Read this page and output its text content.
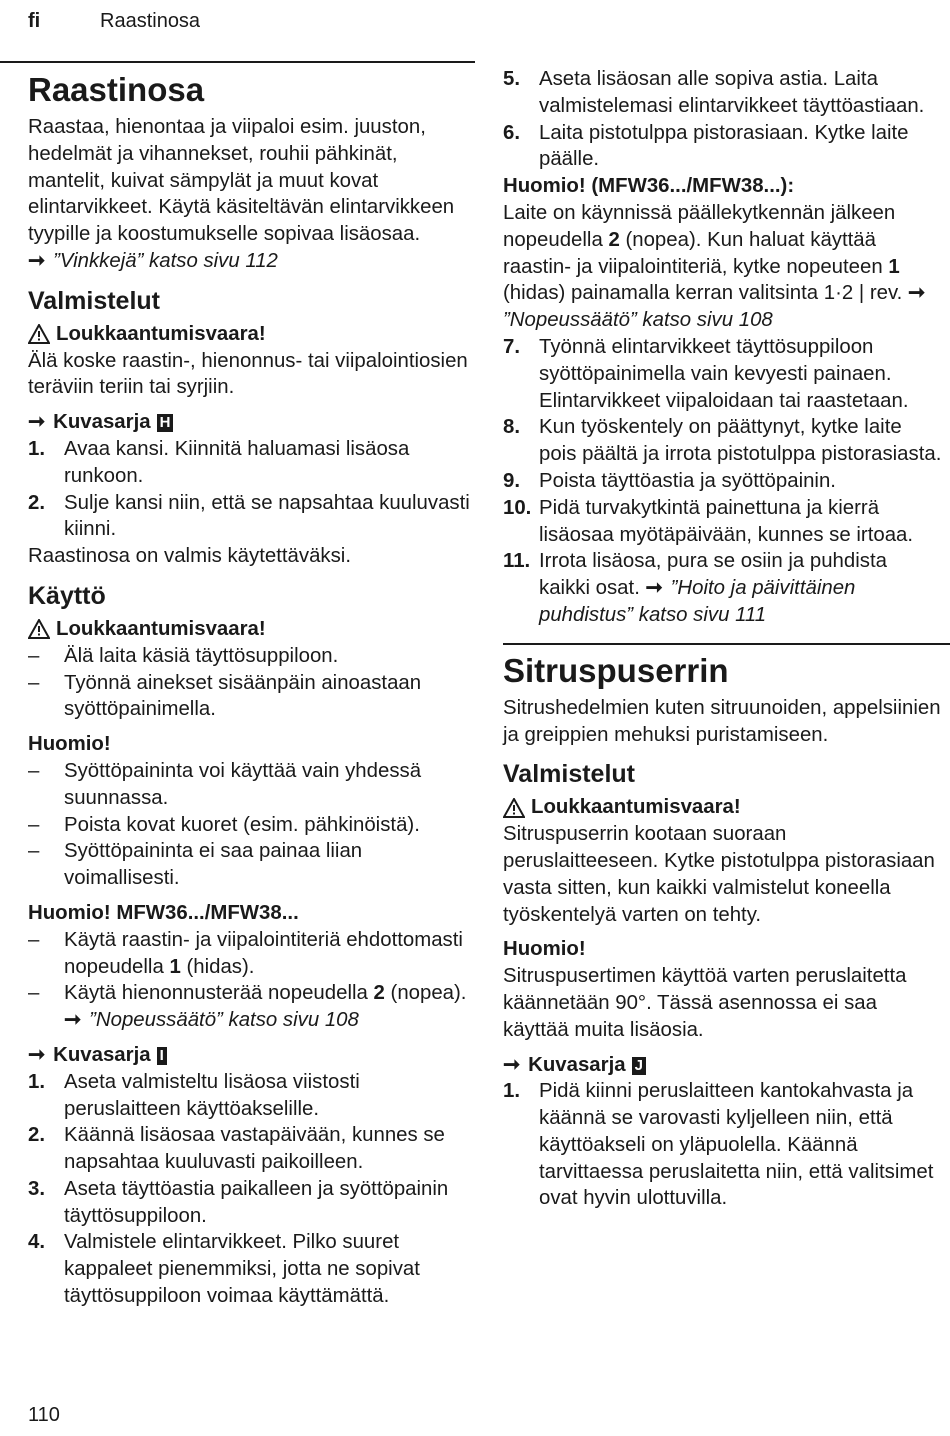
fi	Raastinosa
Raastinosa

Raastaa, hienontaa ja viipaloi esim. juuston, hedelmät ja vihannekset, rouhii pähkinät, mantelit, kuivat sämpylät ja muut kovat elintarvikkeet. Käytä käsiteltävän elintarvikkeen tyypille ja koostumukselle sopivaa lisäosaa.
➞ ”Vinkkejä” katso sivu 112

Valmistelut
Loukkaantumisvaara!

Älä koske raastin-, hienonnus- tai viipalointiosien teräviin teriin tai syrjiin.

➞ Kuvasarja H
1. Avaa kansi. Kiinnitä haluamasi lisäosa runkoon.
2. Sulje kansi niin, että se napsahtaa kuuluvasti kiinni.

Raastinosa on valmis käytettäväksi.

Käyttö
Loukkaantumisvaara!
–	Älä laita käsiä täyttösuppiloon.
–	Työnnä ainekset sisäänpäin ainoastaan syöttöpainimella.
Huomio!
–	Syöttöpaininta voi käyttää vain yhdessä suunnassa.
–	Poista kovat kuoret (esim. pähkinöistä).
–	Syöttöpaininta ei saa painaa liian voimallisesti.
Huomio! MFW36.../MFW38...
–	Käytä raastin- ja viipalointiteriä ehdottomasti nopeudella 1 (hidas).
–	Käytä hienonnusterää nopeudella 2 (nopea).
➞ ”Nopeussäätö” katso sivu 108
➞ Kuvasarja I
1. Aseta valmisteltu lisäosa viistosti peruslaitteen käyttöakselille.
2. Käännä lisäosaa vastapäivään, kunnes se napsahtaa kuuluvasti paikoilleen.
3. Aseta täyttöastia paikalleen ja syöttöpainin täyttösuppiloon.
4. Valmistele elintarvikkeet. Pilko suuret kappaleet pienemmiksi, jotta ne sopivat täyttösuppiloon voimaa käyttämättä.
5. Aseta lisäosan alle sopiva astia. Laita valmistelemasi elintarvikkeet täyttöastiaan.
6. Laita pistotulppa pistorasiaan. Kytke laite päälle.
Huomio! (MFW36.../MFW38...):

Laite on käynnissä päällekytkennän jälkeen nopeudella 2 (nopea). Kun haluat käyttää raastin- ja viipalointiteriä, kytke nopeuteen 1 (hidas) painamalla kerran valitsinta 1·2 | rev. ➞”Nopeussäätö” katso sivu 108

7. Työnnä elintarvikkeet täyttösuppiloon syöttöpainimella vain kevyesti painaen. Elintarvikkeet viipaloidaan tai raastetaan.
8. Kun työskentely on päättynyt, kytke laite pois päältä ja irrota pistotulppa pistorasiasta.
9. Poista täyttöastia ja syöttöpainin.
10. Pidä turvakytkintä painettuna ja kierrä lisäosaa myötäpäivään, kunnes se irtoaa.
11. Irrota lisäosa, pura se osiin ja puhdista kaikki osat. ➞ ”Hoito ja päivittäinen puhdistus” katso sivu 111
Sitruspuserrin

Sitrushedelmien kuten sitruunoiden, appelsiinien ja greippien mehuksi puristamiseen.

Valmistelut
Loukkaantumisvaara!

Sitruspuserrin kootaan suoraan peruslaitteeseen. Kytke pistotulppa pistorasiaan vasta sitten, kun kaikki valmistelut koneella työskentelyä varten on tehty.

Huomio!

Sitruspusertimen käyttöä varten peruslaitetta käännetään 90°. Tässä asennossa ei saa käyttää muita lisäosia.

➞ Kuvasarja J
1. Pidä kiinni peruslaitteen kantokahvasta ja käännä se varovasti kyljelleen niin, että käyttöakseli on yläpuolella. Käännä tarvittaessa peruslaitetta niin, että valitsimet ovat hyvin ulottuvilla.
110
